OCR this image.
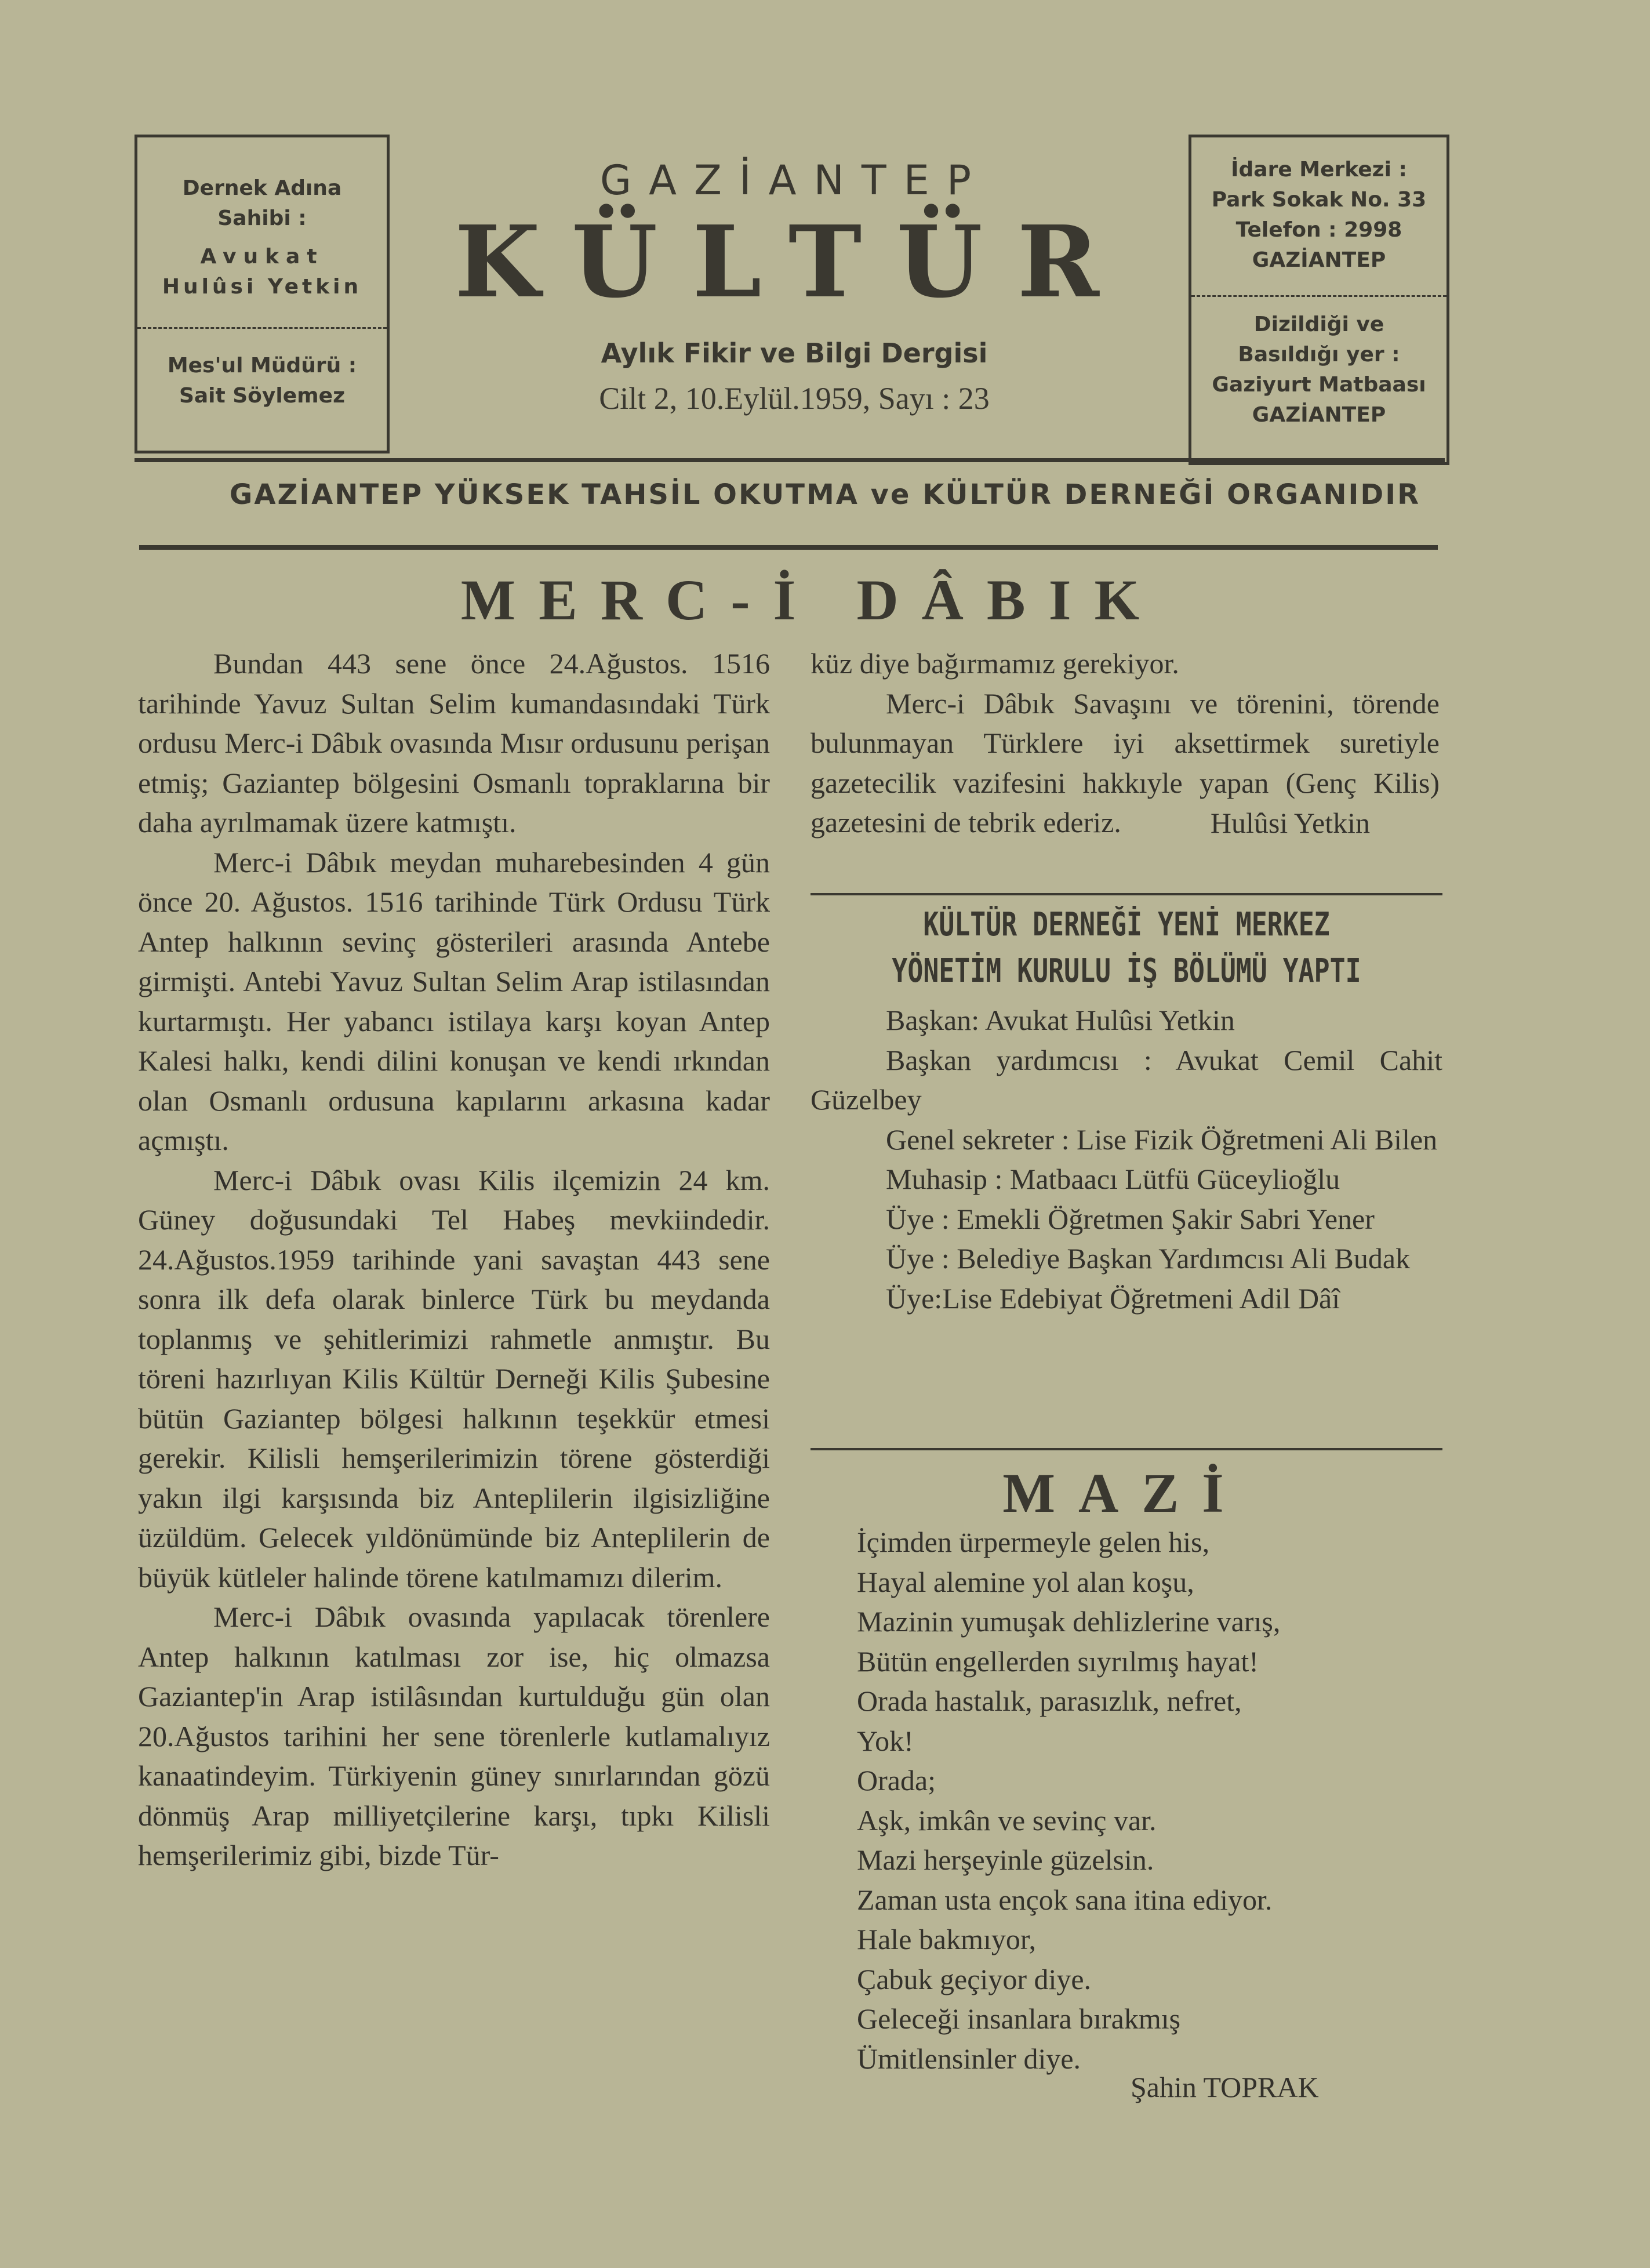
Dernek Adına
Sahibi :
Avukat
Hulûsi Yetkin
Mes'ul Müdürü :
Sait Söylemez
GAZİANTEP
KÜLTÜR
Aylık Fikir ve Bilgi Dergisi
Cilt 2, 10.Eylül.1959, Sayı : 23
İdare Merkezi :
Park Sokak No. 33
Telefon : 2998
GAZİANTEP
Dizildiği ve
Basıldığı yer :
Gaziyurt Matbaası
GAZİANTEP
GAZİANTEP YÜKSEK TAHSİL OKUTMA ve KÜLTÜR DERNEĞİ ORGANIDIR
MERC-İ DÂBIK

Bundan 443 sene önce 24.Ağustos. 1516 tarihinde Yavuz Sultan Selim kumandasındaki Türk ordusu Merc-i Dâbık ovasında Mısır ordusunu perişan etmiş; Gaziantep bölgesini Osmanlı topraklarına bir daha ayrılmamak üzere katmıştı.

Merc-i Dâbık meydan muharebesinden 4 gün önce 20. Ağustos. 1516 tarihinde Türk Ordusu Türk Antep halkının sevinç gösterileri arasında Antebe girmişti. Antebi Yavuz Sultan Selim Arap istilasından kurtarmıştı. Her yabancı istilaya karşı koyan Antep Kalesi halkı, kendi dilini konuşan ve kendi ırkından olan Osmanlı ordusuna kapılarını arkasına kadar açmıştı.

Merc-i Dâbık ovası Kilis ilçemizin 24 km. Güney doğusundaki Tel Habeş mevkiindedir. 24.Ağustos.1959 tarihinde yani savaştan 443 sene sonra ilk defa olarak binlerce Türk bu meydanda toplanmış ve şehitlerimizi rahmetle anmıştır. Bu töreni hazırlıyan Kilis Kültür Derneği Kilis Şubesine bütün Gaziantep bölgesi halkının teşekkür etmesi gerekir. Kilisli hemşerilerimizin törene gösterdiği yakın ilgi karşısında biz Anteplilerin ilgisizliğine üzüldüm. Gelecek yıldönümünde biz Anteplilerin de büyük kütleler halinde törene katılmamızı dilerim.

Merc-i Dâbık ovasında yapılacak törenlere Antep halkının katılması zor ise, hiç olmazsa Gaziantep'in Arap istilâsından kurtulduğu gün olan 20.Ağustos tarihini her sene törenlerle kutlamalıyız kanaatindeyim. Türkiyenin güney sınırlarından gözü dönmüş Arap milliyetçilerine karşı, tıpkı Kilisli hemşerilerimiz gibi, bizde Tür-

küz diye bağırmamız gerekiyor.

Merc-i Dâbık Savaşını ve törenini, törende bulunmayan Türklere iyi aksettirmek suretiyle gazetecilik vazifesini hakkıyle yapan (Genç Kilis) gazetesini de tebrik ederiz.	Hulûsi Yetkin
KÜLTÜR DERNEĞİ YENİ MERKEZ
YÖNETİM KURULU İŞ BÖLÜMÜ YAPTI

Başkan: Avukat Hulûsi Yetkin

Başkan yardımcısı : Avukat Cemil Cahit Güzelbey

Genel sekreter : Lise Fizik Öğretmeni Ali Bilen

Muhasip : Matbaacı Lütfü Güceylioğlu

Üye : Emekli Öğretmen Şakir Sabri Yener

Üye : Belediye Başkan Yardımcısı Ali Budak

Üye:Lise Edebiyat Öğretmeni Adil Dâî

MAZİ
İçimden ürpermeyle gelen his,
Hayal alemine yol alan koşu,
Mazinin yumuşak dehlizlerine varış,
Bütün engellerden sıyrılmış hayat!
Orada hastalık, parasızlık, nefret,
Yok!
Orada;
Aşk, imkân ve sevinç var.
Mazi herşeyinle güzelsin.
Zaman usta ençok sana itina ediyor.
Hale bakmıyor,
Çabuk geçiyor diye.
Geleceği insanlara bırakmış
Ümitlensinler diye.
Şahin TOPRAK
